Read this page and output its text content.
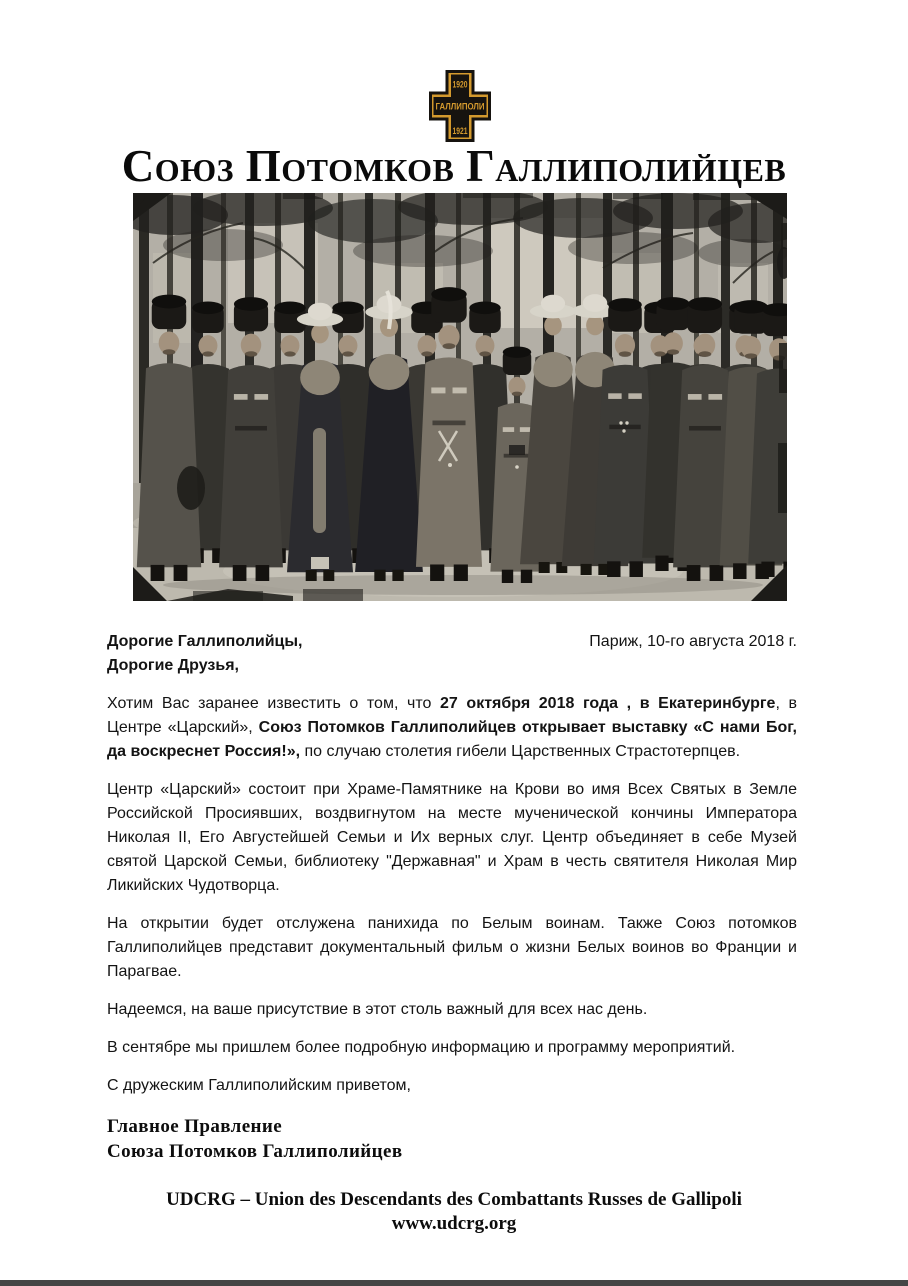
1920
ГАЛЛИПОЛИ
1921
Союз Потомков Галлиполийцев
Дорогие Галлиполийцы,
Дорогие Друзья,
Париж, 10-го августа 2018 г.

Хотим Вас заранее известить о том, что 27 октября 2018 года , в Екатеринбурге, в Центре «Царский», Союз Потомков Галлиполийцев открывает выставку «С нами Бог, да воскреснет Россия!», по случаю столетия гибели Царственных Страстотерпцев.

Центр «Царский» состоит при Храме-Памятнике на Крови во имя Всех Святых в Земле Российской Просиявших, воздвигнутом на месте мученической кончины Императора Николая II, Его Августейшей Семьи и Их верных слуг. Центр объединяет в себе Музей святой Царской Семьи, библиотеку "Державная" и Храм в честь святителя Николая Мир Ликийских Чудотворца.

На открытии будет отслужена панихида по Белым воинам. Также Союз потомков Галлиполийцев представит документальный фильм о жизни Белых воинов во Франции и Парагвае.

Надеемся, на ваше присутствие в этот столь важный для всех нас день.

В сентябре мы пришлем более подробную информацию и программу мероприятий.

С дружеским Галлиполийским приветом,

Главное Правление
Союза Потомков Галлиполийцев
UDCRG – Union des Descendants des Combattants Russes de Gallipoli
www.udcrg.org
